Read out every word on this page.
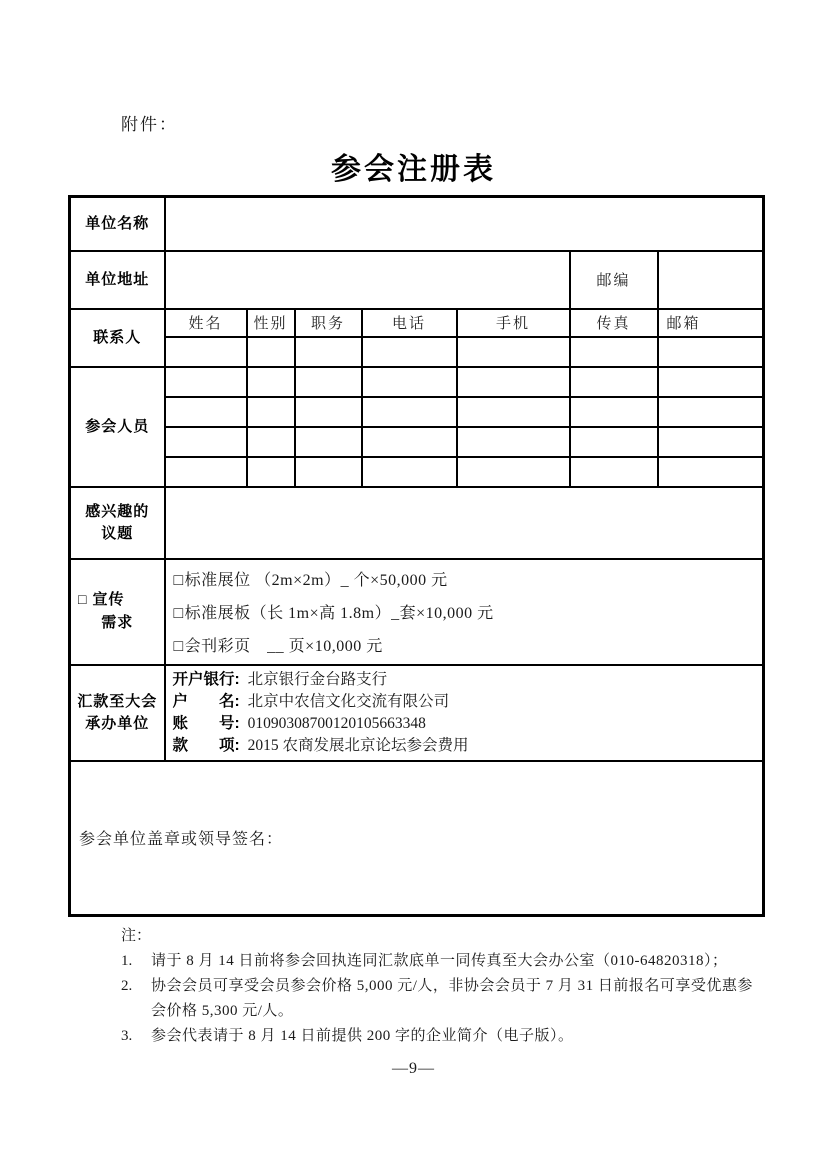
附件：
参会注册表
单位名称							
单位地址						邮编	
联系人	姓名	性别	职务	电话	手机	传真	邮箱

参会人员							

感兴趣的
议题							

□ 宣传
需求

□标准展位 （2m×2m）_ 个×50,000 元
□标准展板（长 1m×高 1.8m）_套×10,000 元
□会刊彩页　__ 页×10,000 元

汇款至大会
承办单位

开户银行: 北京银行金台路支行
户　　名: 北京中农信文化交流有限公司
账　　号: 01090308700120105663348
款　　项: 2015 农商发展北京论坛参会费用

参会单位盖章或领导签名：							
注：
1.	请于 8 月 14 日前将参会回执连同汇款底单一同传真至大会办公室（010-64820318）；
2.	协会会员可享受会员参会价格 5,000 元/人，非协会会员于 7 月 31 日前报名可享受优惠参会价格 5,300 元/人。
3.	参会代表请于 8 月 14 日前提供 200 字的企业简介（电子版）。
—9—
